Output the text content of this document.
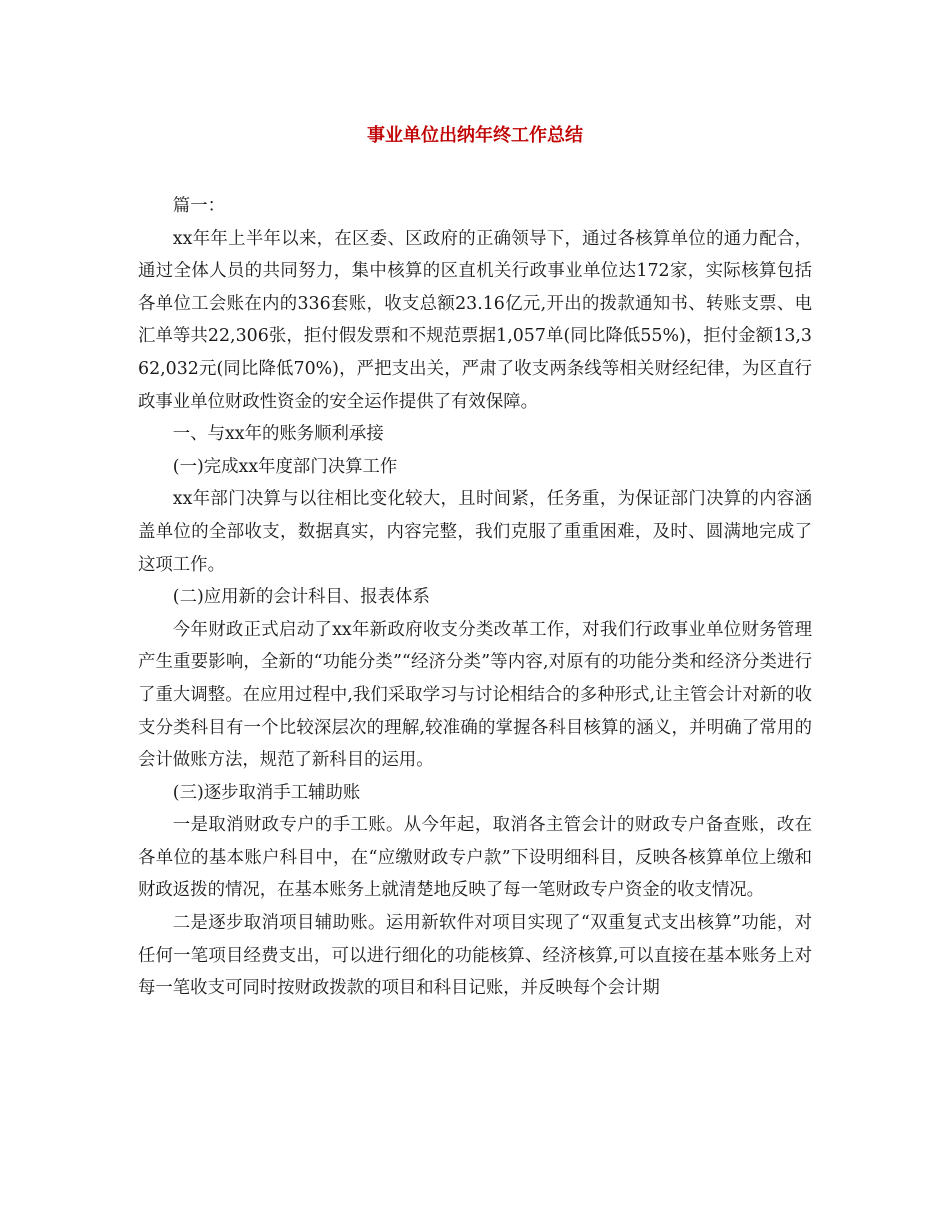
事业单位出纳年终工作总结

篇一：

xx年年上半年以来，在区委、区政府的正确领导下，通过各核算单位的通力配合，通过全体人员的共同努力，集中核算的区直机关行政事业单位达172家，实际核算包括各单位工会账在内的336套账，收支总额23.16亿元,开出的拨款通知书、转账支票、电汇单等共22,306张，拒付假发票和不规范票据1,057单(同比降低55%)，拒付金额13,362,032元(同比降低70%)，严把支出关，严肃了收支两条线等相关财经纪律，为区直行政事业单位财政性资金的安全运作提供了有效保障。

一、与xx年的账务顺利承接

(一)完成xx年度部门决算工作

xx年部门决算与以往相比变化较大，且时间紧，任务重，为保证部门决算的内容涵盖单位的全部收支，数据真实，内容完整，我们克服了重重困难，及时、圆满地完成了这项工作。

(二)应用新的会计科目、报表体系

今年财政正式启动了xx年新政府收支分类改革工作，对我们行政事业单位财务管理产生重要影响，全新的“功能分类”“经济分类”等内容,对原有的功能分类和经济分类进行了重大调整。在应用过程中,我们采取学习与讨论相结合的多种形式,让主管会计对新的收支分类科目有一个比较深层次的理解,较准确的掌握各科目核算的涵义，并明确了常用的会计做账方法，规范了新科目的运用。

(三)逐步取消手工辅助账

一是取消财政专户的手工账。从今年起，取消各主管会计的财政专户备查账，改在各单位的基本账户科目中，在“应缴财政专户款”下设明细科目，反映各核算单位上缴和财政返拨的情况，在基本账务上就清楚地反映了每一笔财政专户资金的收支情况。

二是逐步取消项目辅助账。运用新软件对项目实现了“双重复式支出核算”功能，对任何一笔项目经费支出，可以进行细化的功能核算、经济核算,可以直接在基本账务上对每一笔收支可同时按财政拨款的项目和科目记账，并反映每个会计期
